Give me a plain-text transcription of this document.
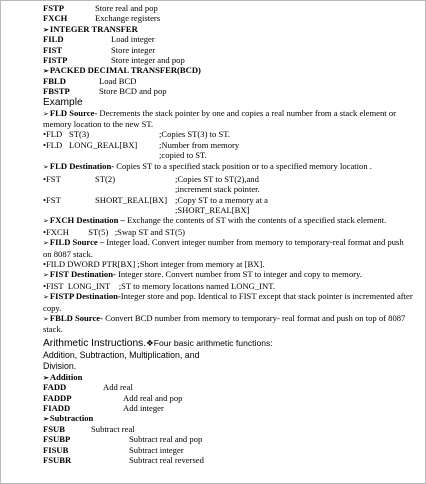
FSTP	Store real and pop
FXCH	Exchange registers
➢INTEGER TRANSFER
FILD	Load integer
FIST	Store integer
FISTP	Store integer and pop
➢PACKED DECIMAL TRANSFER(BCD)
FBLD	Load BCD
FBSTP	Store BCD and pop
Example
➢FLD Source- Decrements the stack pointer by one and copies a real number from a stack element or memory location to the new ST.
•FLD ST(3)	;Copies ST(3) to ST.
•FLD LONG_REAL[BX]	;Number from memory
;copied to ST.
➢FLD Destination- Copies ST to a specified stack position or to a specified memory location .
•FST	ST(2)	;Copies ST to ST(2),and
;increment stack pointer.
•FST	SHORT_REAL[BX] ;Copy ST to a memory at a
;SHORT_REAL[BX]
➢FXCH Destination – Exchange the contents of ST with the contents of a specified stack element.
•FXCH         ST(5)   ;Swap ST and ST(5)
➢FILD Source – Integer load. Convert integer number from memory to temporary-real format and push on 8087 stack.
•FILD DWORD PTR[BX] ;Short integer from memory at [BX].
➢FIST Destination- Integer store. Convert number from ST to integer and copy to memory.
•FIST  LONG_INT    ;ST to memory locations named LONG_INT.
➢FISTP Destination-Integer store and pop. Identical to FIST except that stack pointer is incremented after copy.
➢FBLD Source- Convert BCD number from memory to temporary- real format and push on top of 8087 stack.
Arithmetic Instructions.❖Four basic arithmetic functions:
Addition, Subtraction, Multiplication, and
Division.
➢Addition
FADD	Add real
FADDP	Add real and pop
FIADD	Add integer
➢Subtraction
FSUB	Subtract real
FSUBP	Subtract real and pop
FISUB	Subtract integer
FSUBR	Subtract real reversed
